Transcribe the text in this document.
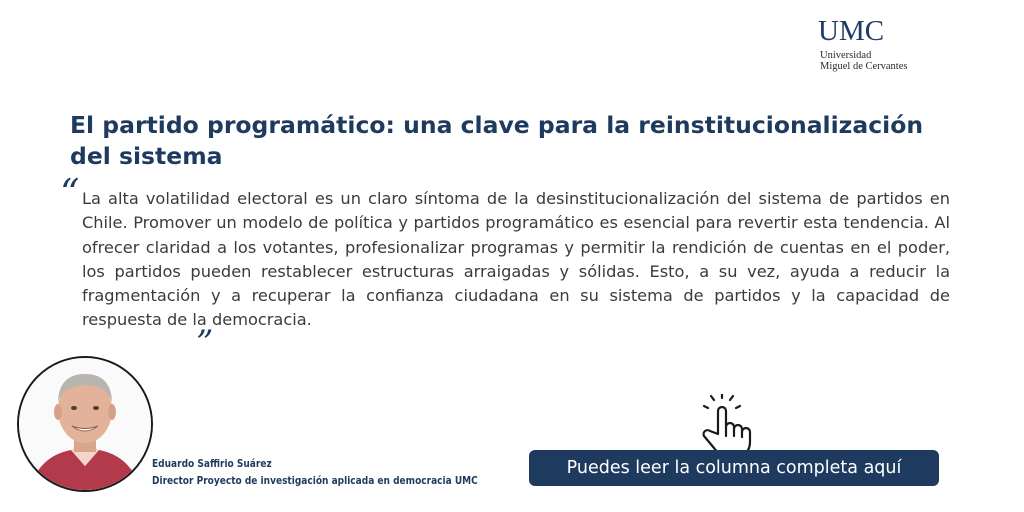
UMC
Universidad
Miguel de Cervantes
El partido programático: una clave para la reinstitucionalización del sistema
“ La alta volatilidad electoral es un claro síntoma de la desinstitucionalización del sistema de partidos en Chile. Promover un modelo de política y partidos programático es esencial para revertir esta tendencia. Al ofrecer claridad a los votantes, profesionalizar programas y permitir la rendición de cuentas en el poder, los partidos pueden restablecer estructuras arraigadas y sólidas. Esto, a su vez, ayuda a reducir la fragmentación y a recuperar la confianza ciudadana en su sistema de partidos y la capacidad de respuesta de la democracia.

”
Eduardo Saffirio Suárez
Director Proyecto de investigación aplicada en democracia UMC
Puedes leer la columna completa aquí
